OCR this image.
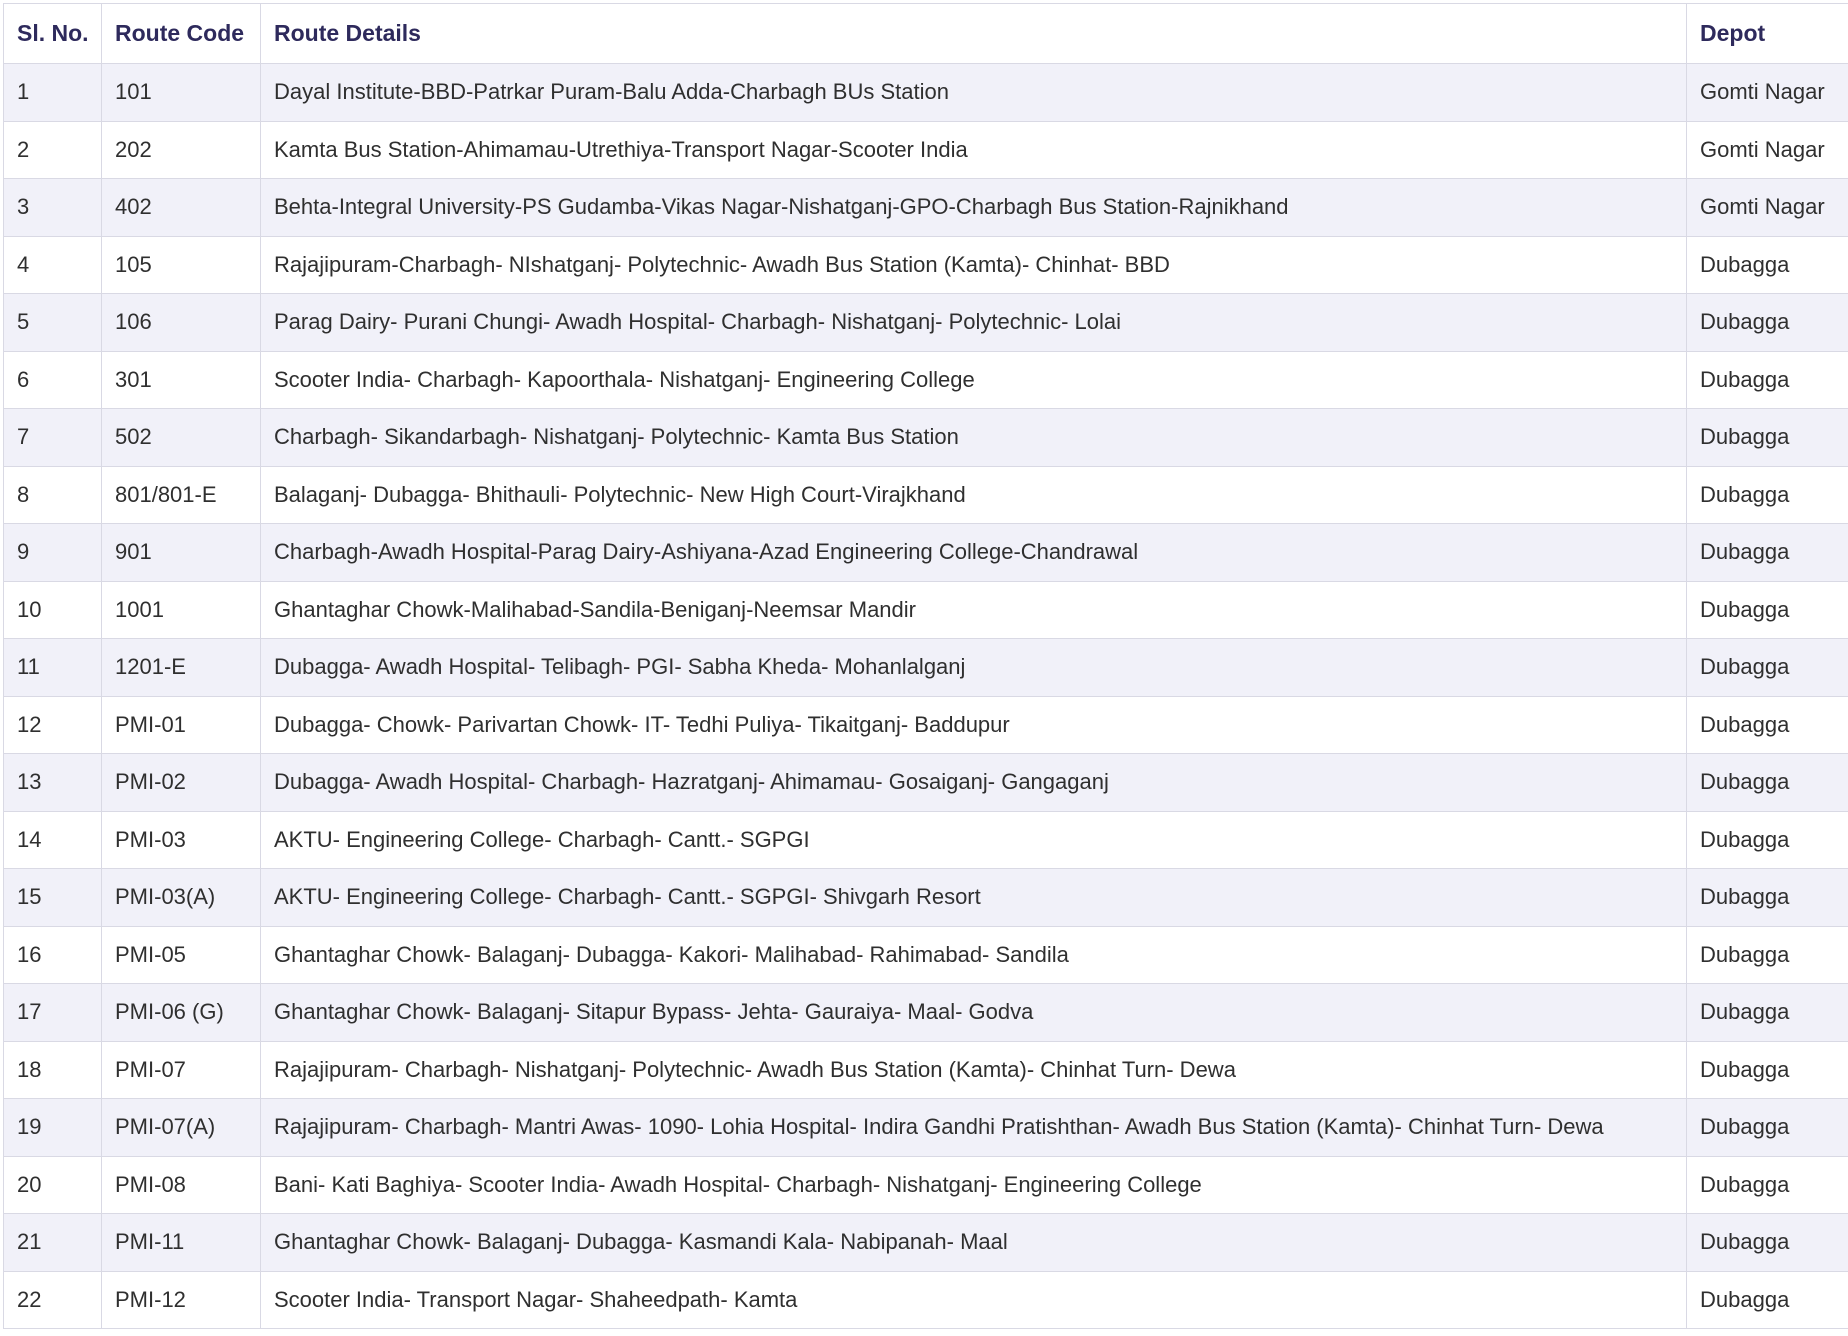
Sl. No.	Route Code	Route Details	Depot
1	101	Dayal Institute-BBD-Patrkar Puram-Balu Adda-Charbagh BUs Station	Gomti Nagar
2	202	Kamta Bus Station-Ahimamau-Utrethiya-Transport Nagar-Scooter India	Gomti Nagar
3	402	Behta-Integral University-PS Gudamba-Vikas Nagar-Nishatganj-GPO-Charbagh Bus Station-Rajnikhand	Gomti Nagar
4	105	Rajajipuram-Charbagh- NIshatganj- Polytechnic- Awadh Bus Station (Kamta)- Chinhat- BBD	Dubagga
5	106	Parag Dairy- Purani Chungi- Awadh Hospital- Charbagh- Nishatganj- Polytechnic- Lolai	Dubagga
6	301	Scooter India- Charbagh- Kapoorthala- Nishatganj- Engineering College	Dubagga
7	502	Charbagh- Sikandarbagh- Nishatganj- Polytechnic- Kamta Bus Station	Dubagga
8	801/801-E	Balaganj- Dubagga- Bhithauli- Polytechnic- New High Court-Virajkhand	Dubagga
9	901	Charbagh-Awadh Hospital-Parag Dairy-Ashiyana-Azad Engineering College-Chandrawal	Dubagga
10	1001	Ghantaghar Chowk-Malihabad-Sandila-Beniganj-Neemsar Mandir	Dubagga
11	1201-E	Dubagga- Awadh Hospital- Telibagh- PGI- Sabha Kheda- Mohanlalganj	Dubagga
12	PMI-01	Dubagga- Chowk- Parivartan Chowk- IT- Tedhi Puliya- Tikaitganj- Baddupur	Dubagga
13	PMI-02	Dubagga- Awadh Hospital- Charbagh- Hazratganj- Ahimamau- Gosaiganj- Gangaganj	Dubagga
14	PMI-03	AKTU- Engineering College- Charbagh- Cantt.- SGPGI	Dubagga
15	PMI-03(A)	AKTU- Engineering College- Charbagh- Cantt.- SGPGI- Shivgarh Resort	Dubagga
16	PMI-05	Ghantaghar Chowk- Balaganj- Dubagga- Kakori- Malihabad- Rahimabad- Sandila	Dubagga
17	PMI-06 (G)	Ghantaghar Chowk- Balaganj- Sitapur Bypass- Jehta- Gauraiya- Maal- Godva	Dubagga
18	PMI-07	Rajajipuram- Charbagh- Nishatganj- Polytechnic- Awadh Bus Station (Kamta)- Chinhat Turn- Dewa	Dubagga
19	PMI-07(A)	Rajajipuram- Charbagh- Mantri Awas- 1090- Lohia Hospital- Indira Gandhi Pratishthan- Awadh Bus Station (Kamta)- Chinhat Turn- Dewa	Dubagga
20	PMI-08	Bani- Kati Baghiya- Scooter India- Awadh Hospital- Charbagh- Nishatganj- Engineering College	Dubagga
21	PMI-11	Ghantaghar Chowk- Balaganj- Dubagga- Kasmandi Kala- Nabipanah- Maal	Dubagga
22	PMI-12	Scooter India- Transport Nagar- Shaheedpath- Kamta	Dubagga
